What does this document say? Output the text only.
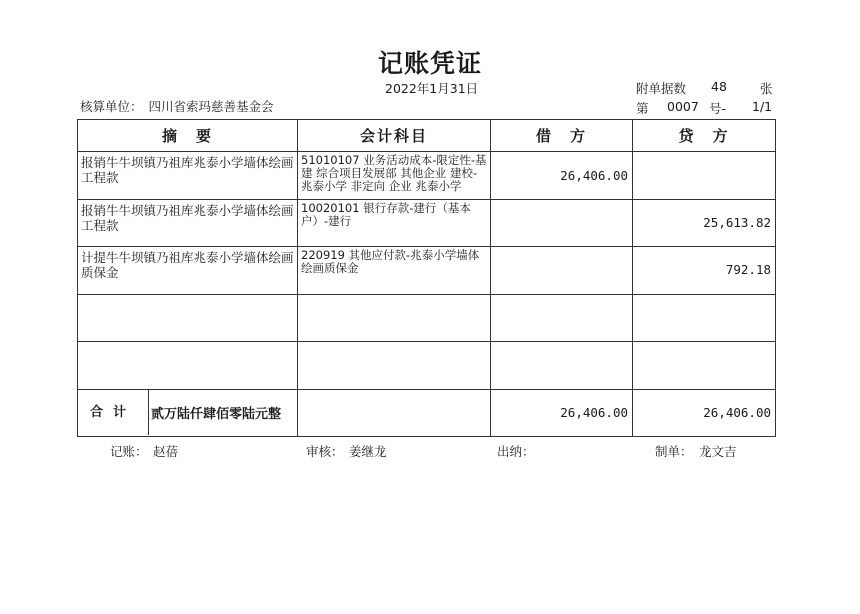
记账凭证
2022年1月31日
核算单位： 四川省索玛慈善基金会
附单据数 48	张
第 0007 号- 1/1
摘　要	会计科目	借　方	贷　方

报销牛牛坝镇乃祖库兆泰小学墙体绘画工程款	51010107 业务活动成本-限定性-基建 综合项目发展部 其他企业 建校-兆泰小学 非定向 企业 兆泰小学	26,406.00	

报销牛牛坝镇乃祖库兆泰小学墙体绘画工程款	10020101 银行存款-建行（基本户）-建行		25,613.82

计提牛牛坝镇乃祖库兆泰小学墙体绘画质保金	220919 其他应付款-兆泰小学墙体绘画质保金		792.18

合计 贰万陆仟肆佰零陆元整		26,406.00	26,406.00
记账： 赵蓓	审核： 姜继龙	出纳：	制单： 龙文吉
